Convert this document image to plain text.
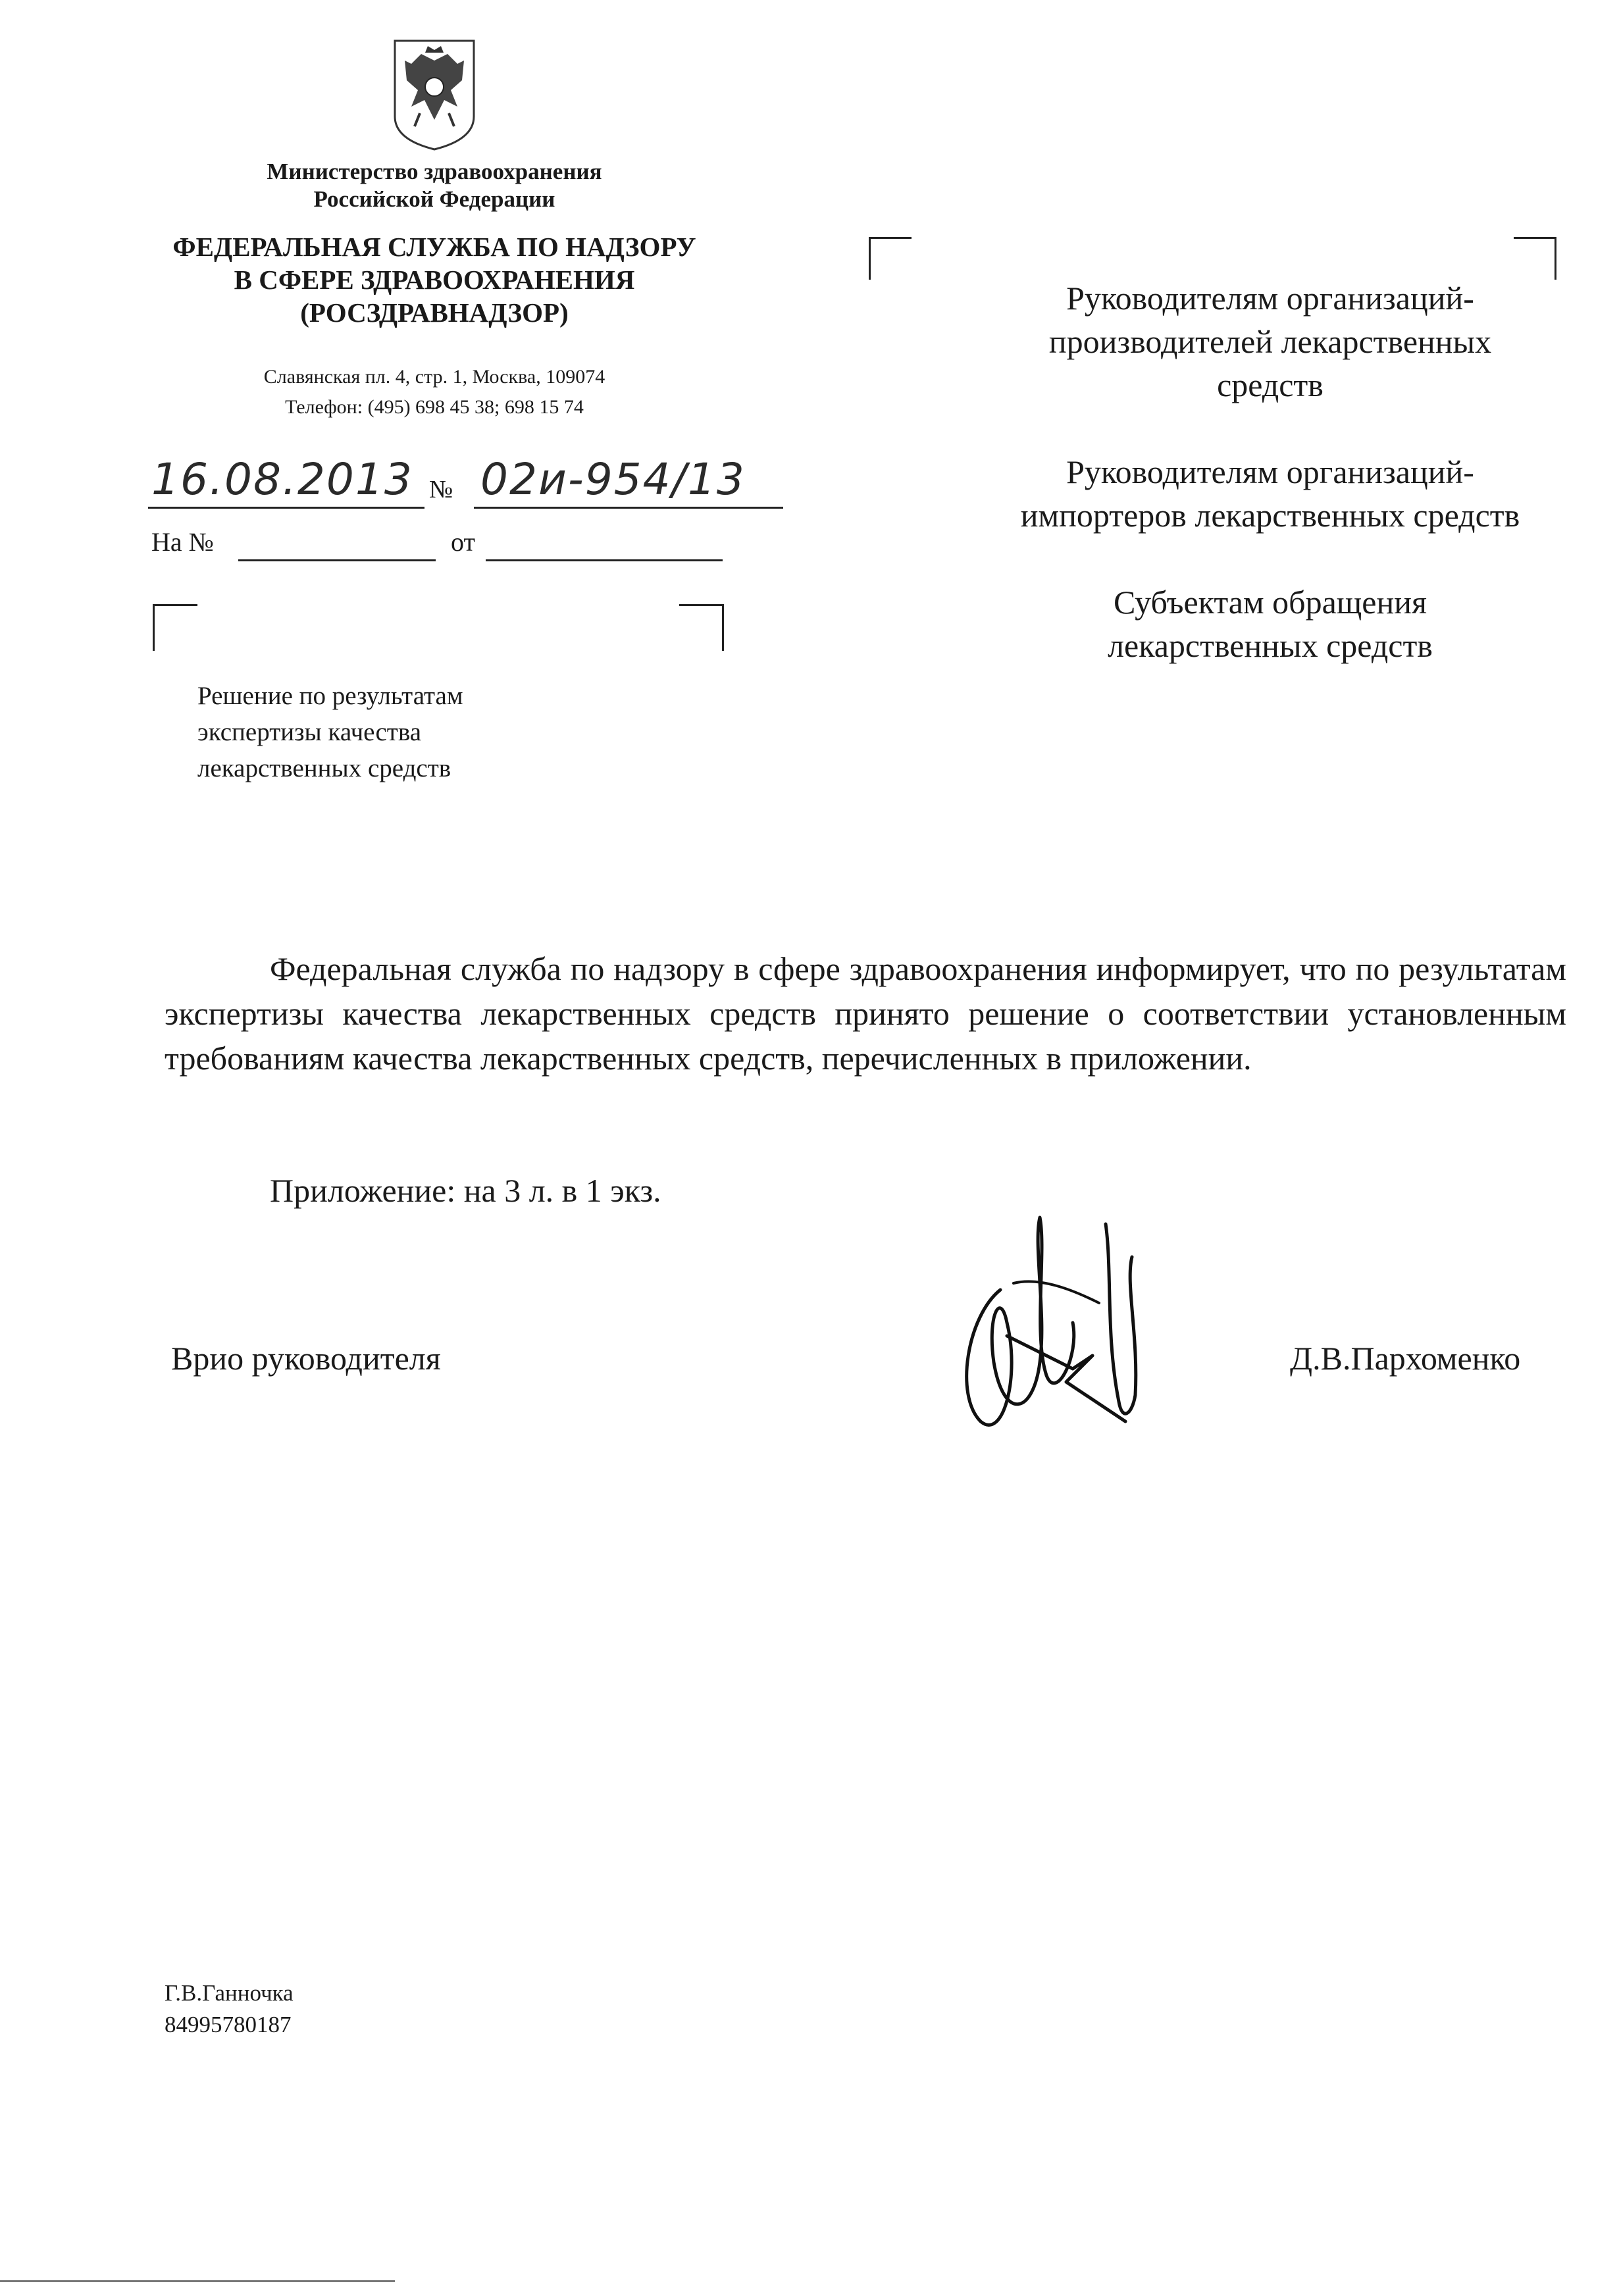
Министерство здравоохранения
Российской Федерации
ФЕДЕРАЛЬНАЯ СЛУЖБА ПО НАДЗОРУ
В СФЕРЕ ЗДРАВООХРАНЕНИЯ
(РОСЗДРАВНАДЗОР)
Славянская пл. 4, стр. 1, Москва, 109074
Телефон: (495) 698 45 38; 698 15 74
16.08.2013 № 02и-954/13
На №	от
Решение по результатам
экспертизы качества
лекарственных средств
Руководителям организаций-
производителей лекарственных
средств
Руководителям организаций-
импортеров лекарственных средств
Субъектам обращения
лекарственных средств
Федеральная служба по надзору в сфере здравоохранения информирует, что по результатам экспертизы качества лекарственных средств принято решение о соответствии установленным требованиям качества лекарственных средств, перечисленных в приложении.
Приложение: на 3 л. в 1 экз.
Врио руководителя	Д.В.Пархоменко
Г.В.Ганночка
84995780187
